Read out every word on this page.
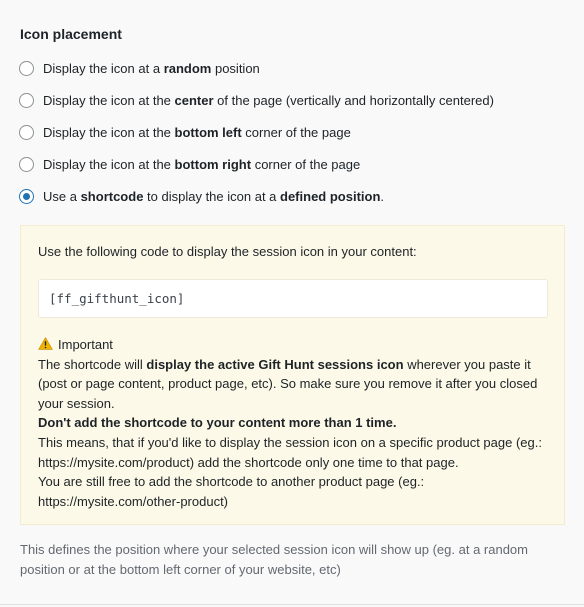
Icon placement
Display the icon at a random position
Display the icon at the center of the page (vertically and horizontally centered)
Display the icon at the bottom left corner of the page
Display the icon at the bottom right corner of the page
Use a shortcode to display the icon at a defined position.
Use the following code to display the session icon in your content:
[ff_gifthunt_icon]

Important

The shortcode will display the active Gift Hunt sessions icon wherever you paste it (post or page content, product page, etc). So make sure you remove it after you closed your session.

Don't add the shortcode to your content more than 1 time.

This means, that if you'd like to display the session icon on a specific product page (eg.: https://mysite.com/product) add the shortcode only one time to that page.

You are still free to add the shortcode to another product page (eg.: https://mysite.com/other-product)

This defines the position where your selected session icon will show up (eg. at a random position or at the bottom left corner of your website, etc)
